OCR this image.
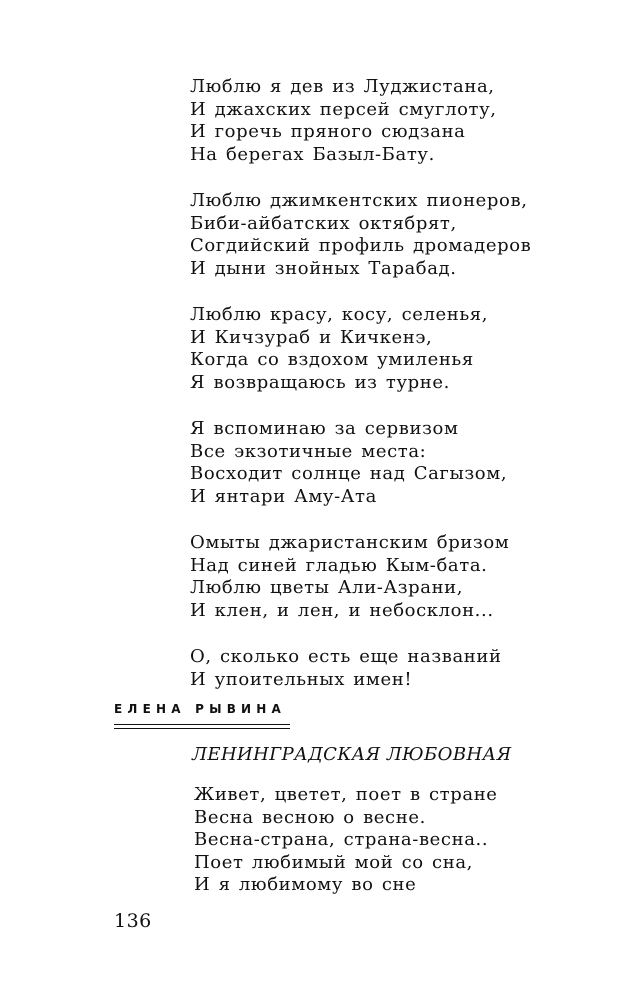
Люблю я дев из Луджистана,
И джахских персей смуглоту,
И горечь пряного сюдзана
На берегах Базыл-Бату.
Люблю джимкентских пионеров,
Биби-айбатских октябрят,
Согдийский профиль дромадеров
И дыни знойных Тарабад.
Люблю красу, косу, селенья,
И Кичзураб и Кичкенэ,
Когда со вздохом умиленья
Я возвращаюсь из турне.
Я вспоминаю за сервизом
Все экзотичные места:
Восходит солнце над Сагызом,
И янтари Аму-Ата
Омыты джаристанским бризом
Над синей гладью Кым-бата.
Люблю цветы Али-Азрани,
И клен, и лен, и небосклон...
О, сколько есть еще названий
И упоительных имен!
ЕЛЕНА РЫВИНА
ЛЕНИНГРАДСКАЯ ЛЮБОВНАЯ
Живет, цветет, поет в стране
Весна весною о весне.
Весна-страна, страна-весна..
Поет любимый мой со сна,
И я любимому во сне
136
